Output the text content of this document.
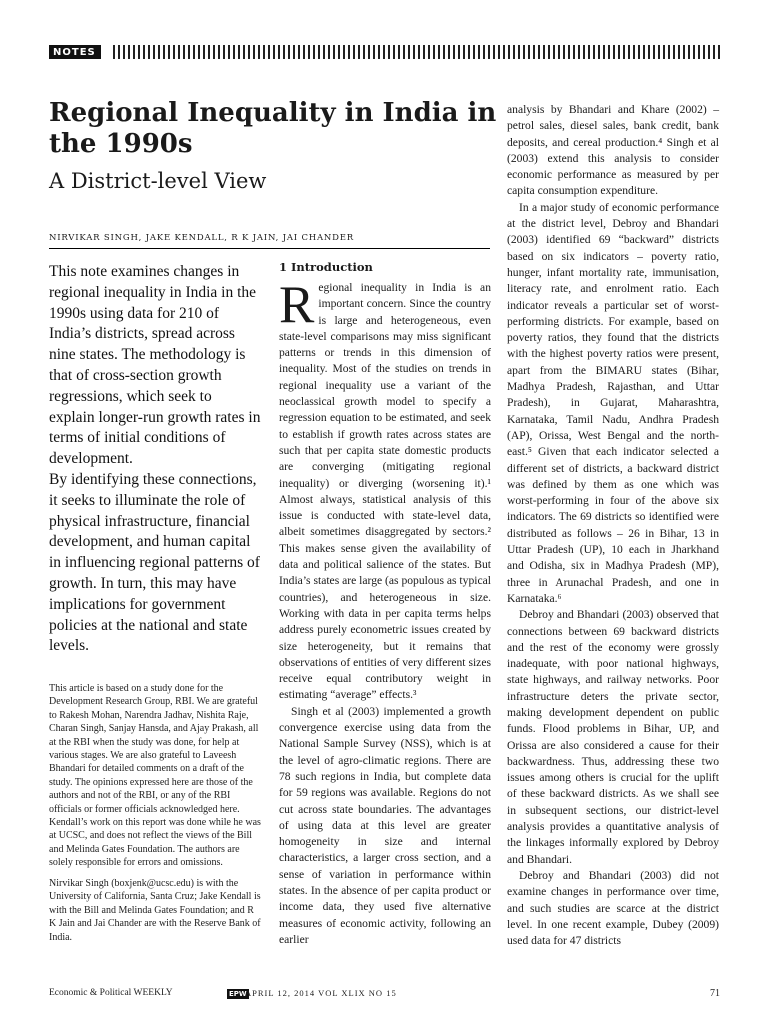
NOTES
Regional Inequality in India in the 1990s
A District-level View
NIRVIKAR SINGH, JAKE KENDALL, R K JAIN, JAI CHANDER

This note examines changes in regional inequality in India in the 1990s using data for 210 of India’s districts, spread across nine states. The methodology is that of cross-section growth regressions, which seek to explain longer-run growth rates in terms of initial conditions of development.

By identifying these connections, it seeks to illuminate the role of physical infrastructure, financial development, and human capital in influencing regional patterns of growth. In turn, this may have implications for government policies at the national and state levels.

This article is based on a study done for the Development Research Group, RBI. We are grateful to Rakesh Mohan, Narendra Jadhav, Nishita Raje, Charan Singh, Sanjay Hansda, and Ajay Prakash, all at the RBI when the study was done, for help at various stages. We are also grateful to Laveesh Bhandari for detailed comments on a draft of the study. The opinions expressed here are those of the authors and not of the RBI, or any of the RBI officials or former officials acknowledged here. Kendall’s work on this report was done while he was at UCSC, and does not reflect the views of the Bill and Melinda Gates Foundation. The authors are solely responsible for errors and omissions.
Nirvikar Singh (boxjenk@ucsc.edu) is with the University of California, Santa Cruz; Jake Kendall is with the Bill and Melinda Gates Foundation; and R K Jain and Jai Chander are with the Reserve Bank of India.
1 Introduction

Regional inequality in India is an important concern. Since the country is large and heterogeneous, even state-level comparisons may miss significant patterns or trends in this dimension of inequality. Most of the studies on trends in regional inequality use a variant of the neoclassical growth model to specify a regression equation to be estimated, and seek to establish if growth rates across states are such that per capita state domestic products are converging (mitigating regional inequality) or diverging (worsening it).¹ Almost always, statistical analysis of this issue is conducted with state-level data, albeit sometimes disaggregated by sectors.² This makes sense given the availability of data and political salience of the states. But India’s states are large (as populous as typical countries), and heterogeneous in size. Working with data in per capita terms helps address purely econometric issues created by size heterogeneity, but it remains that observations of entities of very different sizes receive equal contributory weight in estimating “average” effects.³

Singh et al (2003) implemented a growth convergence exercise using data from the National Sample Survey (NSS), which is at the level of agro-climatic regions. There are 78 such regions in India, but complete data for 59 regions was available. Regions do not cut across state boundaries. The advantages of using data at this level are greater homogeneity in size and internal characteristics, a larger cross section, and a sense of variation in performance within states. In the absence of per capita product or income data, they used five alternative measures of economic activity, following an earlier

analysis by Bhandari and Khare (2002) – petrol sales, diesel sales, bank credit, bank deposits, and cereal production.⁴ Singh et al (2003) extend this analysis to consider economic performance as measured by per capita consumption expenditure.

In a major study of economic performance at the district level, Debroy and Bhandari (2003) identified 69 “backward” districts based on six indicators – poverty ratio, hunger, infant mortality rate, immunisation, literacy rate, and enrolment ratio. Each indicator reveals a particular set of worst-performing districts. For example, based on poverty ratios, they found that the districts with the highest poverty ratios were present, apart from the BIMARU states (Bihar, Madhya Pradesh, Rajasthan, and Uttar Pradesh), in Gujarat, Maharashtra, Karnataka, Tamil Nadu, Andhra Pradesh (AP), Orissa, West Bengal and the north-east.⁵ Given that each indicator selected a different set of districts, a backward district was defined by them as one which was worst-performing in four of the above six indicators. The 69 districts so identified were distributed as follows – 26 in Bihar, 13 in Uttar Pradesh (UP), 10 each in Jharkhand and Odisha, six in Madhya Pradesh (MP), three in Arunachal Pradesh, and one in Karnataka.⁶

Debroy and Bhandari (2003) observed that connections between 69 backward districts and the rest of the economy were grossly inadequate, with poor national highways, state highways, and railway networks. Poor infrastructure deters the private sector, making development dependent on public funds. Flood problems in Bihar, UP, and Orissa are also considered a cause for their backwardness. Thus, addressing these two issues among others is crucial for the uplift of these backward districts. As we shall see in subsequent sections, our district-level analysis provides a quantitative analysis of the linkages informally explored by Debroy and Bhandari.

Debroy and Bhandari (2003) did not examine changes in performance over time, and such studies are scarce at the district level. In one recent example, Dubey (2009) used data for 47 districts

Economic & Political WEEKLY	EPW
APRIL 12, 2014 VOL XLIX NO 15	71
